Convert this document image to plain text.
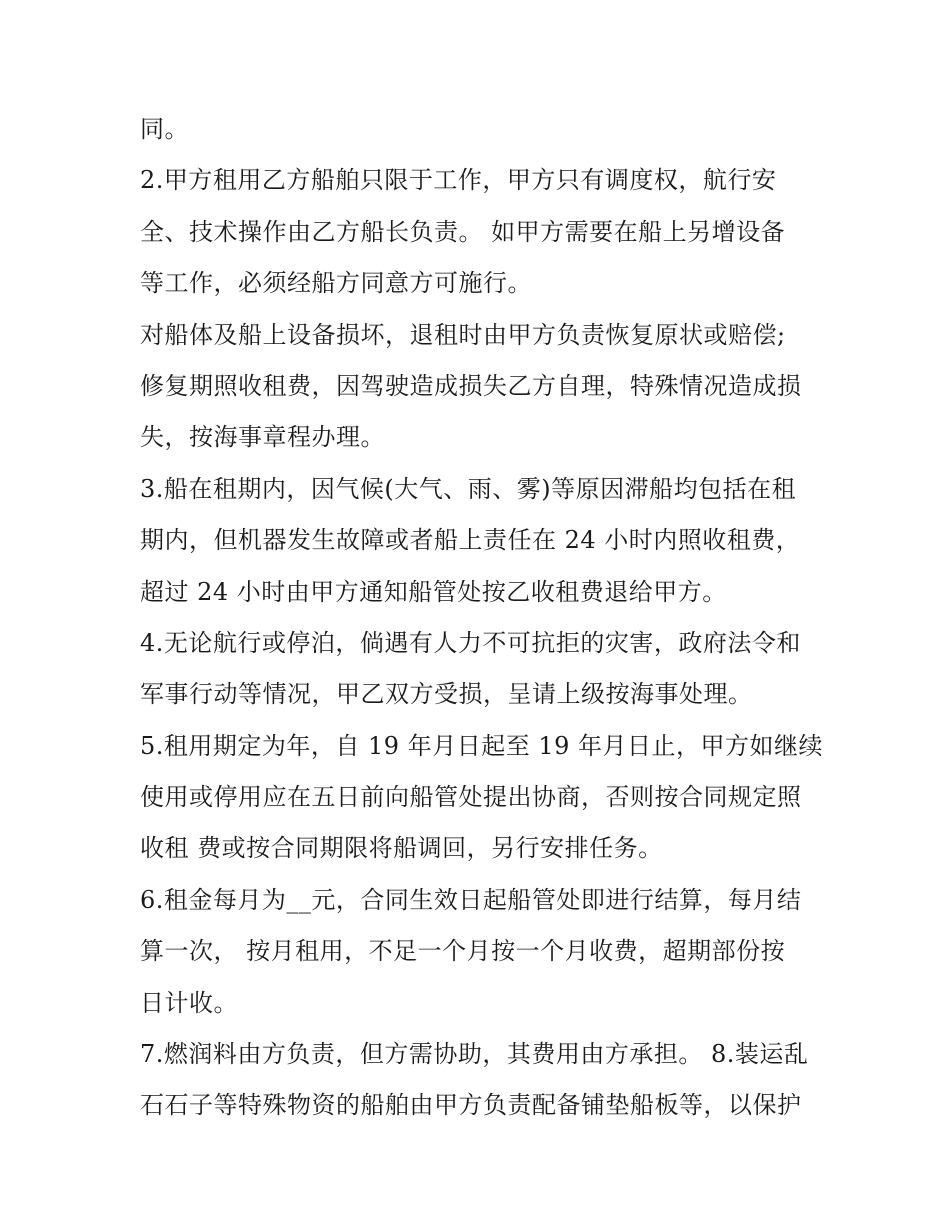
同。
2.甲方租用乙方船舶只限于工作，甲方只有调度权，航行安
全、技术操作由乙方船长负责。 如甲方需要在船上另增设备
等工作，必须经船方同意方可施行。
对船体及船上设备损坏，退租时由甲方负责恢复原状或赔偿;
修复期照收租费，因驾驶造成损失乙方自理，特殊情况造成损
失，按海事章程办理。
3.船在租期内，因气候(大气、雨、雾)等原因滞船均包括在租
期内，但机器发生故障或者船上责任在 24 小时内照收租费，
超过 24 小时由甲方通知船管处按乙收租费退给甲方。
4.无论航行或停泊，倘遇有人力不可抗拒的灾害，政府法令和
军事行动等情况，甲乙双方受损，呈请上级按海事处理。
5.租用期定为年，自 19 年月日起至 19 年月日止，甲方如继续
使用或停用应在五日前向船管处提出协商，否则按合同规定照
收租 费或按合同期限将船调回，另行安排任务。
6.租金每月为__元，合同生效日起船管处即进行结算，每月结
算一次， 按月租用，不足一个月按一个月收费，超期部份按
日计收。
7.燃润料由方负责，但方需协助，其费用由方承担。 8.装运乱
石石子等特殊物资的船舶由甲方负责配备铺垫船板等，以保护
